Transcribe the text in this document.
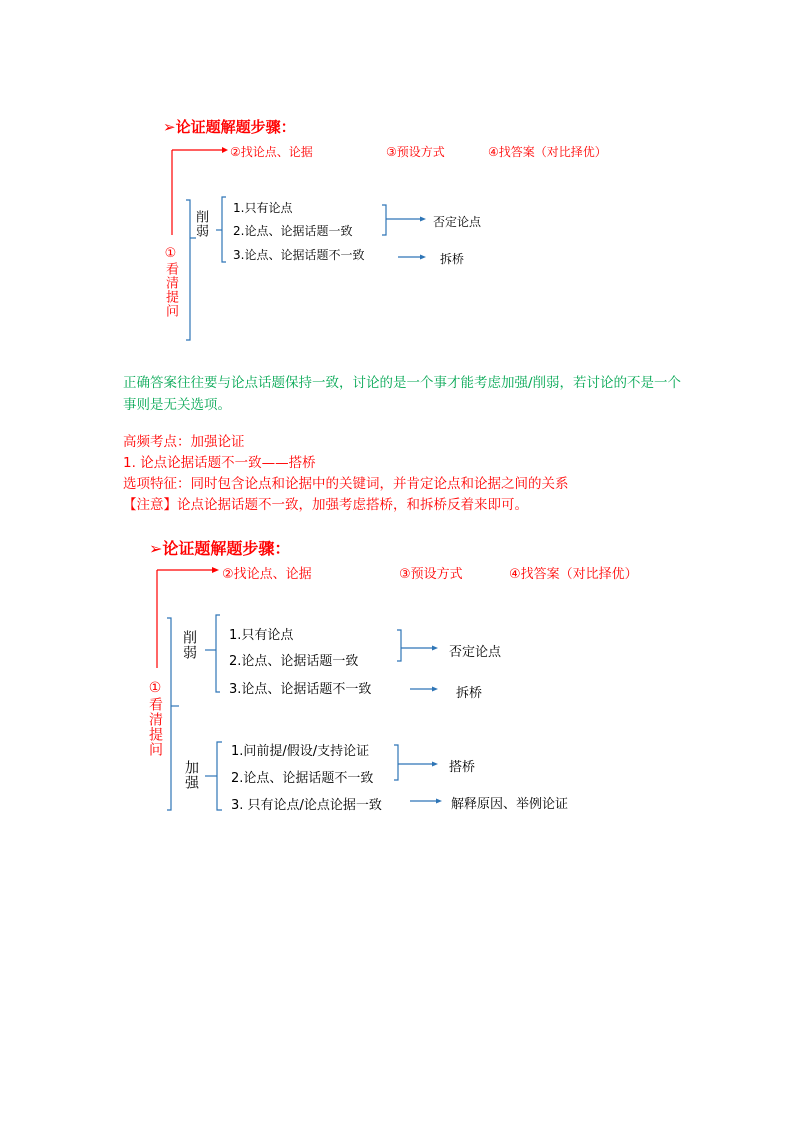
➢论证题解题步骤：
②找论点、论据	③预设方式	④找答案（对比择优）
①看清提问
削弱
1.只有论点
2.论点、论据话题一致
3.论点、论据话题不一致
否定论点
拆桥
正确答案往往要与论点话题保持一致，讨论的是一个事才能考虑加强/削弱，若讨论的不是一个事则是无关选项。
高频考点：加强论证
1. 论点论据话题不一致——搭桥
选项特征：同时包含论点和论据中的关键词，并肯定论点和论据之间的关系
【注意】论点论据话题不一致，加强考虑搭桥，和拆桥反着来即可。
➢论证题解题步骤：
②找论点、论据	③预设方式	④找答案（对比择优）
①看清提问
削弱 1.只有论点
2.论点、论据话题一致
3.论点、论据话题不一致
否定论点
拆桥
加强
1.问前提/假设/支持论证
2.论点、论据话题不一致
3. 只有论点/论点论据一致
搭桥
解释原因、举例论证
